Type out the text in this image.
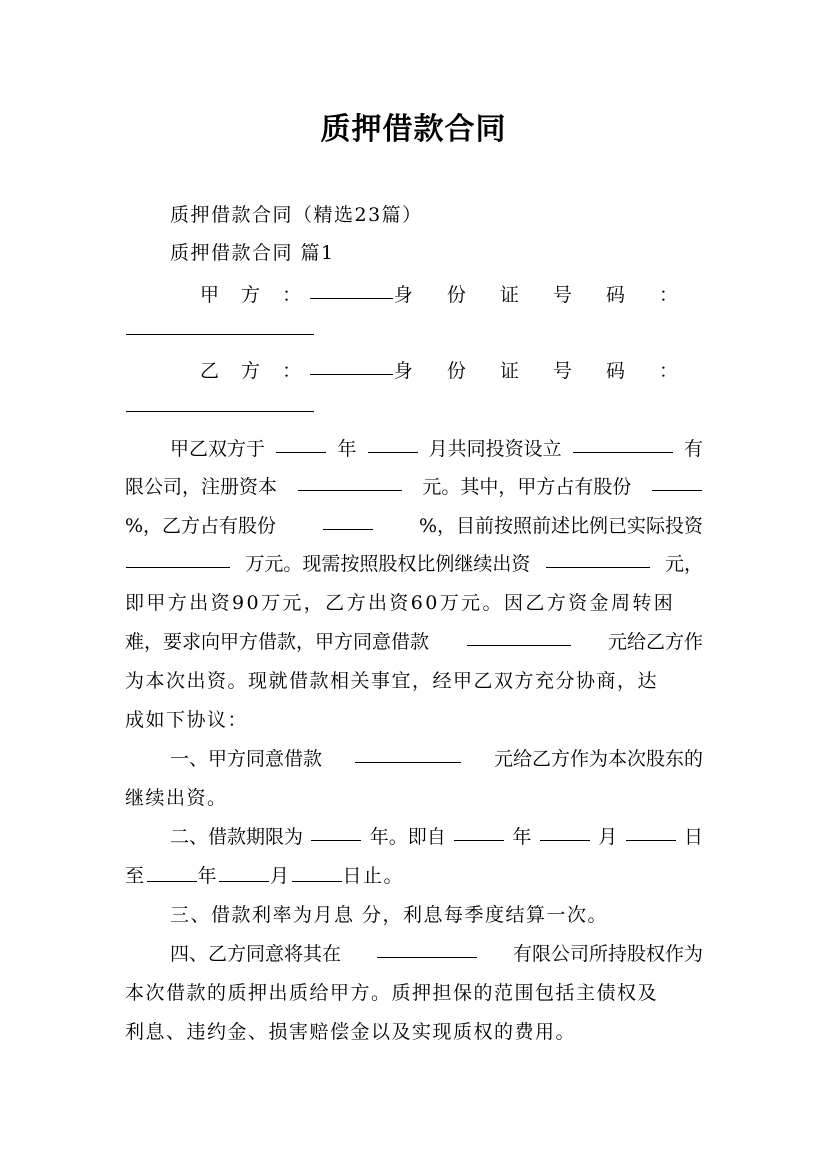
质押借款合同
质押借款合同（精选23篇）
质押借款合同 篇1
甲 方 ：	身 份 证 号 码 ：
乙 方 ：	身 份 证 号 码 ：
甲乙双方于	年	月共同投资设立	有
限公司，注册资本	元。其中，甲方占有股份
%，乙方占有股份	%，目前按照前述比例已实际投资
万元。现需按照股权比例继续出资	元，
即甲方出资90万元，乙方出资60万元。因乙方资金周转困
难，要求向甲方借款，甲方同意借款	元给乙方作
为本次出资。现就借款相关事宜，经甲乙双方充分协商，达
成如下协议：
一、甲方同意借款	元给乙方作为本次股东的
继续出资。
二、借款期限为	年。即自	年	月	日
至	年	月	日止。
三、借款利率为月息 分，利息每季度结算一次。
四、乙方同意将其在	有限公司所持股权作为
本次借款的质押出质给甲方。质押担保的范围包括主债权及
利息、违约金、损害赔偿金以及实现质权的费用。
